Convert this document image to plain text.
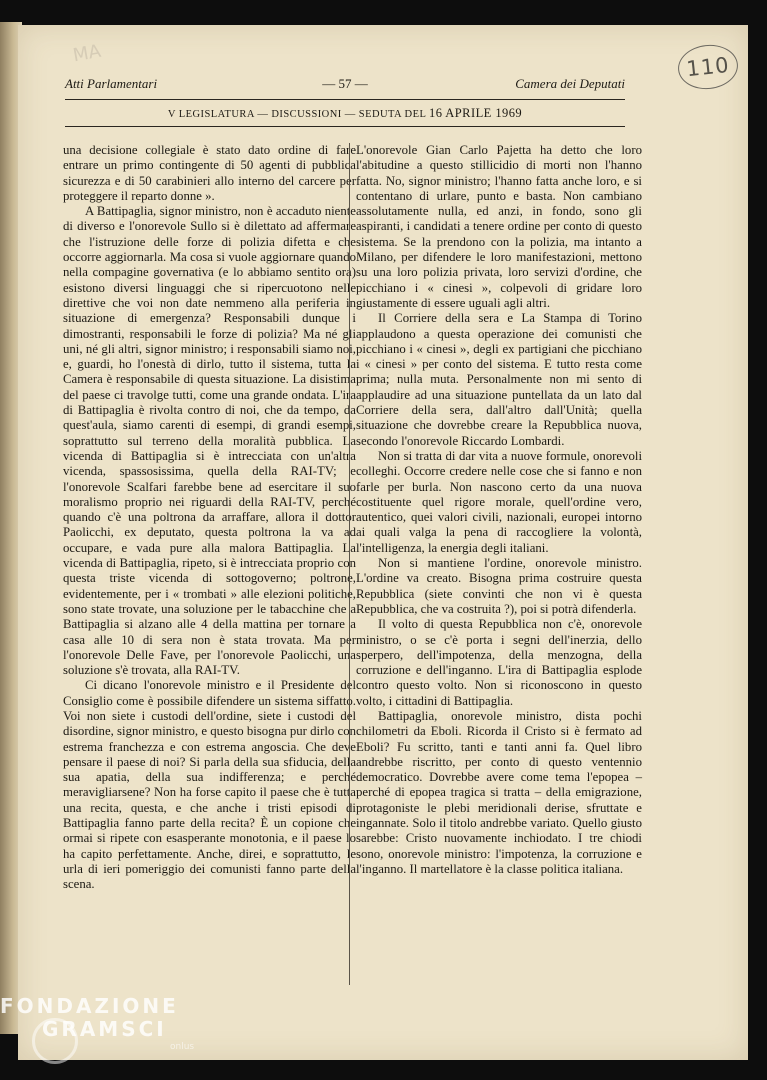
MA	110
Atti Parlamentari	— 57 —	Camera dei Deputati
V LEGISLATURA — DISCUSSIONI — SEDUTA DEL 16 APRILE 1969

una decisione collegiale è stato dato ordine di fare entrare un primo contingente di 50 agenti di pubblica sicurezza e di 50 carabinieri allo interno del carcere per proteggere il reparto donne ».

A Battipaglia, signor ministro, non è accaduto niente di diverso e l'onorevole Sullo si è dilettato ad affermare che l'istruzione delle forze di polizia difetta e che occorre aggiornarla. Ma cosa si vuole aggiornare quando nella compagine governativa (e lo abbiamo sentito ora) esistono diversi linguaggi che si ripercuotono nelle direttive che voi non date nemmeno alla periferia in situazione di emergenza? Responsabili dunque i dimostranti, responsabili le forze di polizia? Ma né gli uni, né gli altri, signor ministro; i responsabili siamo noi, e, guardi, ho l'onestà di dirlo, tutto il sistema, tutta la Camera è responsabile di questa situazione. La disistima del paese ci travolge tutti, come una grande ondata. L'ira di Battipaglia è rivolta contro di noi, che da tempo, da quest'aula, siamo carenti di esempi, di grandi esempi, soprattutto sul terreno della moralità pubblica. La vicenda di Battipaglia si è intrecciata con un'altra vicenda, spassosissima, quella della RAI-TV; e l'onorevole Scalfari farebbe bene ad esercitare il suo moralismo proprio nei riguardi della RAI-TV, perché quando c'è una poltrona da arraffare, allora il dottor Paolicchi, ex deputato, questa poltrona la va ad occupare, e vada pure alla malora Battipaglia. La vicenda di Battipaglia, ripeto, si è intrecciata proprio con questa triste vicenda di sottogoverno; poltrone, evidentemente, per i « trombati » alle elezioni politiche, sono state trovate, una soluzione per le tabacchine che a Battipaglia si alzano alle 4 della mattina per tornare a casa alle 10 di sera non è stata trovata. Ma per l'onorevole Delle Fave, per l'onorevole Paolicchi, una soluzione s'è trovata, alla RAI-TV.

Ci dicano l'onorevole ministro e il Presidente del Consiglio come è possibile difendere un sistema siffatto. Voi non siete i custodi dell'ordine, siete i custodi del disordine, signor ministro, e questo bisogna pur dirlo con estrema franchezza e con estrema angoscia. Che deve pensare il paese di noi? Si parla della sua sfiducia, della sua apatia, della sua indifferenza; e perché meravigliarsene? Non ha forse capito il paese che è tutta una recita, questa, e che anche i tristi episodi di Battipaglia fanno parte della recita? È un copione che ormai si ripete con esasperante monotonia, e il paese lo ha capito perfettamente. Anche, direi, e soprattutto, le urla di ieri pomeriggio dei comunisti fanno parte della scena.

L'onorevole Gian Carlo Pajetta ha detto che loro l'abitudine a questo stillicidio di morti non l'hanno fatta. No, signor ministro; l'hanno fatta anche loro, e si contentano di urlare, punto e basta. Non cambiano assolutamente nulla, ed anzi, in fondo, sono gli aspiranti, i candidati a tenere ordine per conto di questo sistema. Se la prendono con la polizia, ma intanto a Milano, per difendere le loro manifestazioni, mettono su una loro polizia privata, loro servizi d'ordine, che picchiano i « cinesi », colpevoli di gridare loro giustamente di essere uguali agli altri.

Il Corriere della sera e La Stampa di Torino applaudono a questa operazione dei comunisti che picchiano i « cinesi », degli ex partigiani che picchiano i « cinesi » per conto del sistema. E tutto resta come prima; nulla muta. Personalmente non mi sento di applaudire ad una situazione puntellata da un lato dal Corriere della sera, dall'altro dall'Unità; quella situazione che dovrebbe creare la Repubblica nuova, secondo l'onorevole Riccardo Lombardi.

Non si tratta di dar vita a nuove formule, onorevoli colleghi. Occorre credere nelle cose che si fanno e non farle per burla. Non nascono certo da una nuova costituente quel rigore morale, quell'ordine vero, autentico, quei valori civili, nazionali, europei intorno ai quali valga la pena di raccogliere la volontà, l'intelligenza, la energia degli italiani.

Non si mantiene l'ordine, onorevole ministro. L'ordine va creato. Bisogna prima costruire questa Repubblica (siete convinti che non vi è questa Repubblica, che va costruita ?), poi si potrà difenderla.

Il volto di questa Repubblica non c'è, onorevole ministro, o se c'è porta i segni dell'inerzia, dello sperpero, dell'impotenza, della menzogna, della corruzione e dell'inganno. L'ira di Battipaglia esplode contro questo volto. Non si riconoscono in questo volto, i cittadini di Battipaglia.

Battipaglia, onorevole ministro, dista pochi chilometri da Eboli. Ricorda il Cristo si è fermato ad Eboli? Fu scritto, tanti e tanti anni fa. Quel libro andrebbe riscritto, per conto di questo ventennio democratico. Dovrebbe avere come tema l'epopea – perché di epopea tragica si tratta – della emigrazione, protagoniste le plebi meridionali derise, sfruttate e ingannate. Solo il titolo andrebbe variato. Quello giusto sarebbe: Cristo nuovamente inchiodato. I tre chiodi sono, onorevole ministro: l'impotenza, la corruzione e l'inganno. Il martellatore è la classe politica italiana.

FONDAZIONE
GRAMSCI
onlus
